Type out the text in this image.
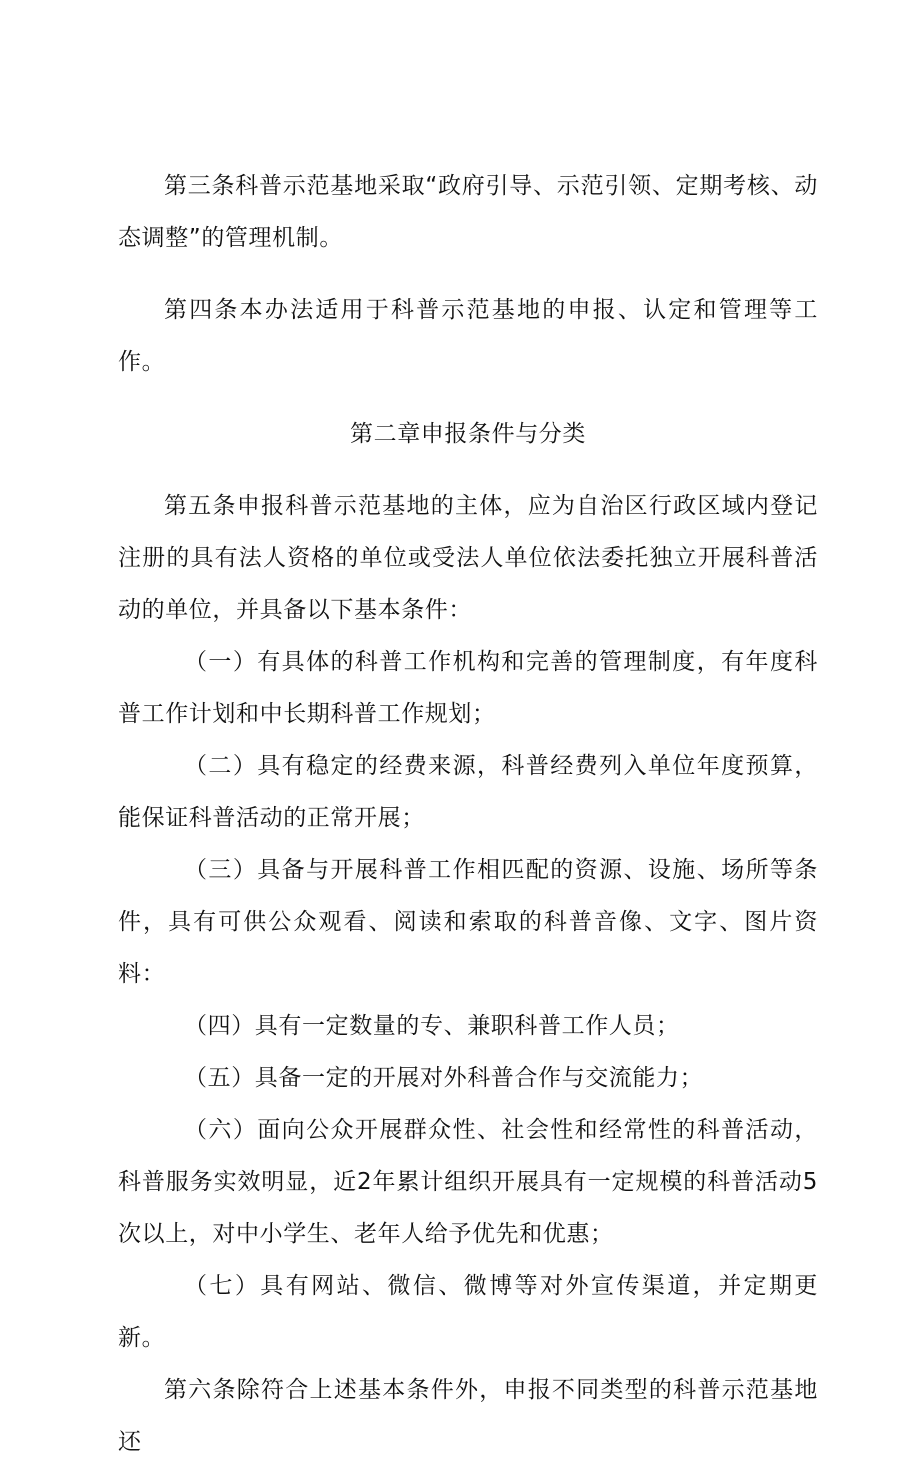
第三条科普示范基地采取“政府引导、示范引领、定期考核、动态调整”的管理机制。

第四条本办法适用于科普示范基地的申报、认定和管理等工作。

第二章申报条件与分类

第五条申报科普示范基地的主体，应为自治区行政区域内登记注册的具有法人资格的单位或受法人单位依法委托独立开展科普活动的单位，并具备以下基本条件：

（一）有具体的科普工作机构和完善的管理制度，有年度科普工作计划和中长期科普工作规划；

（二）具有稳定的经费来源，科普经费列入单位年度预算，能保证科普活动的正常开展；

（三）具备与开展科普工作相匹配的资源、设施、场所等条件，具有可供公众观看、阅读和索取的科普音像、文字、图片资料：

（四）具有一定数量的专、兼职科普工作人员；

（五）具备一定的开展对外科普合作与交流能力；

（六）面向公众开展群众性、社会性和经常性的科普活动，科普服务实效明显，近2年累计组织开展具有一定规模的科普活动5次以上，对中小学生、老年人给予优先和优惠；

（七）具有网站、微信、微博等对外宣传渠道，并定期更新。

第六条除符合上述基本条件外，申报不同类型的科普示范基地还
